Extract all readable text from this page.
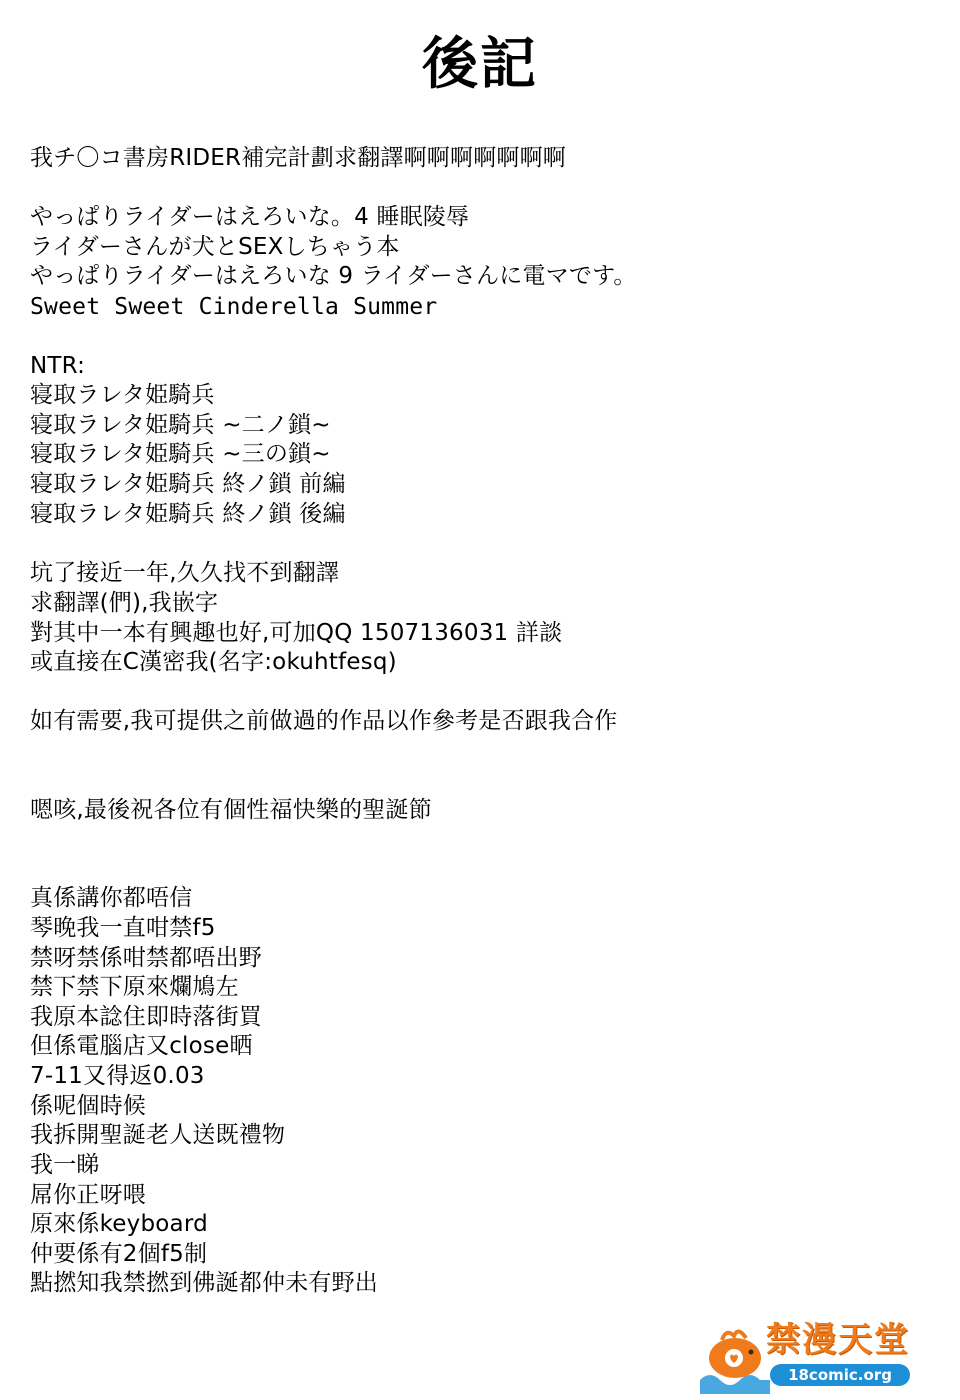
後記
我チ〇コ書房RIDER補完計劃求翻譯啊啊啊啊啊啊啊
やっぱりライダーはえろいな。4 睡眠陵辱
ライダーさんが犬とSEXしちゃう本
やっぱりライダーはえろいな 9 ライダーさんに電マです。
Sweet Sweet Cinderella Summer
NTR:
寝取ラレタ姫騎兵
寝取ラレタ姫騎兵 ~二ノ鎖~
寝取ラレタ姫騎兵 ~三の鎖~
寝取ラレタ姫騎兵 終ノ鎖 前編
寝取ラレタ姫騎兵 終ノ鎖 後編
坑了接近一年,久久找不到翻譯
求翻譯(們),我嵌字
對其中一本有興趣也好,可加QQ 1507136031 詳談
或直接在C漢密我(名字:okuhtfesq)
如有需要,我可提供之前做過的作品以作參考是否跟我合作
嗯咳,最後祝各位有個性福快樂的聖誕節
真係講你都唔信
琴晚我一直咁禁f5
禁呀禁係咁禁都唔出野
禁下禁下原來爛鳩左
我原本諗住即時落街買
但係電腦店又close晒
7-11又得返0.03
係呢個時候
我拆開聖誕老人送既禮物
我一睇
屌你正呀喂
原來係keyboard
仲要係有2個f5制
點撚知我禁撚到佛誕都仲未有野出
禁漫天堂
18comic.org
